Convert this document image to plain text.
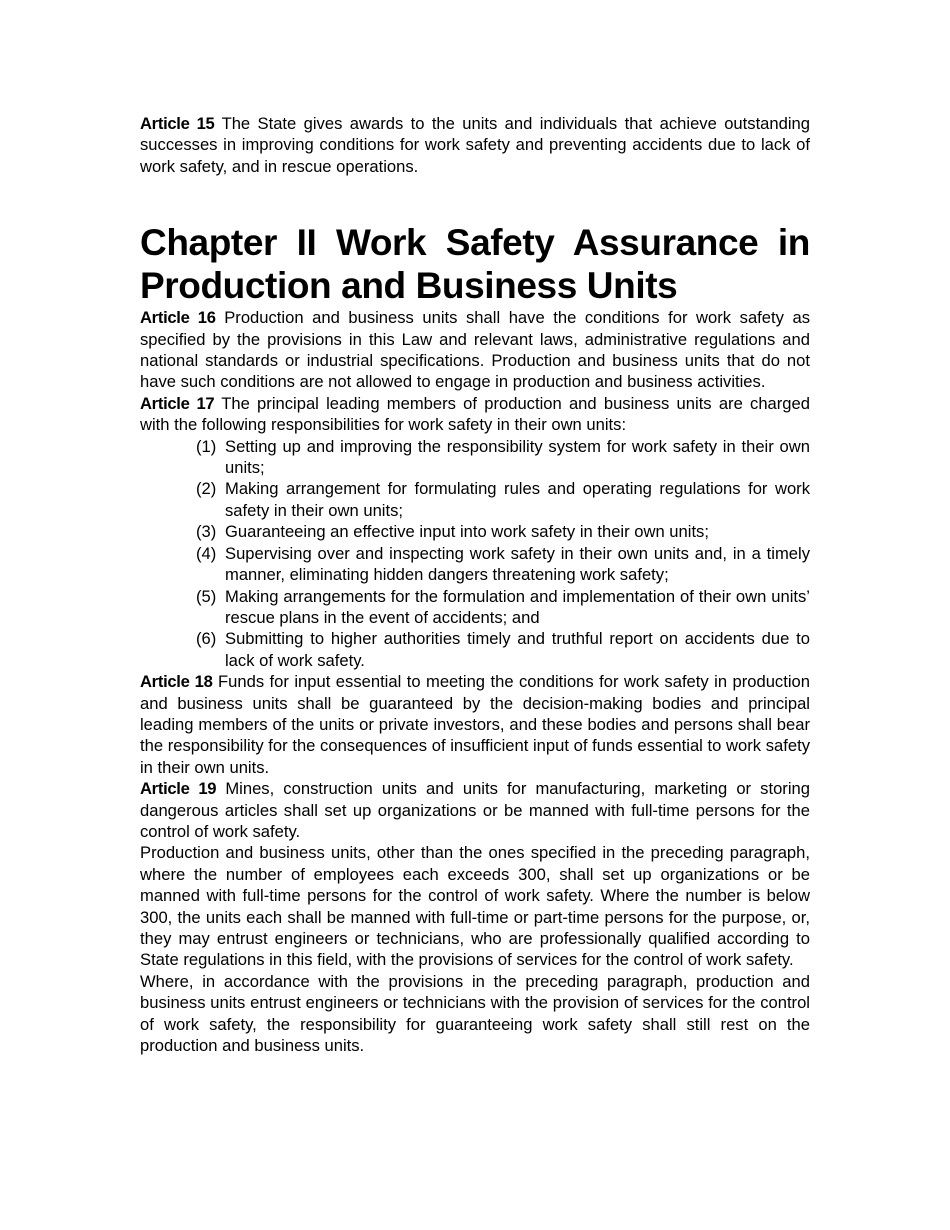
Article 15 The State gives awards to the units and individuals that achieve outstanding successes in improving conditions for work safety and preventing accidents due to lack of work safety, and in rescue operations.

Chapter II Work Safety Assurance in Production and Business Units

Article 16 Production and business units shall have the conditions for work safety as specified by the provisions in this Law and relevant laws, administrative regulations and national standards or industrial specifications. Production and business units that do not have such conditions are not allowed to engage in production and business activities.

Article 17 The principal leading members of production and business units are charged with the following responsibilities for work safety in their own units:

(1) Setting up and improving the responsibility system for work safety in their own units;
(2) Making arrangement for formulating rules and operating regulations for work safety in their own units;
(3) Guaranteeing an effective input into work safety in their own units;
(4) Supervising over and inspecting work safety in their own units and, in a timely manner, eliminating hidden dangers threatening work safety;
(5) Making arrangements for the formulation and implementation of their own units’ rescue plans in the event of accidents; and
(6) Submitting to higher authorities timely and truthful report on accidents due to lack of work safety.

Article 18 Funds for input essential to meeting the conditions for work safety in production and business units shall be guaranteed by the decision-making bodies and principal leading members of the units or private investors, and these bodies and persons shall bear the responsibility for the consequences of insufficient input of funds essential to work safety in their own units.

Article 19 Mines, construction units and units for manufacturing, marketing or storing dangerous articles shall set up organizations or be manned with full-time persons for the control of work safety.

Production and business units, other than the ones specified in the preceding paragraph, where the number of employees each exceeds 300, shall set up organizations or be manned with full-time persons for the control of work safety. Where the number is below 300, the units each shall be manned with full-time or part-time persons for the purpose, or, they may entrust engineers or technicians, who are professionally qualified according to State regulations in this field, with the provisions of services for the control of work safety.

Where, in accordance with the provisions in the preceding paragraph, production and business units entrust engineers or technicians with the provision of services for the control of work safety, the responsibility for guaranteeing work safety shall still rest on the production and business units.
